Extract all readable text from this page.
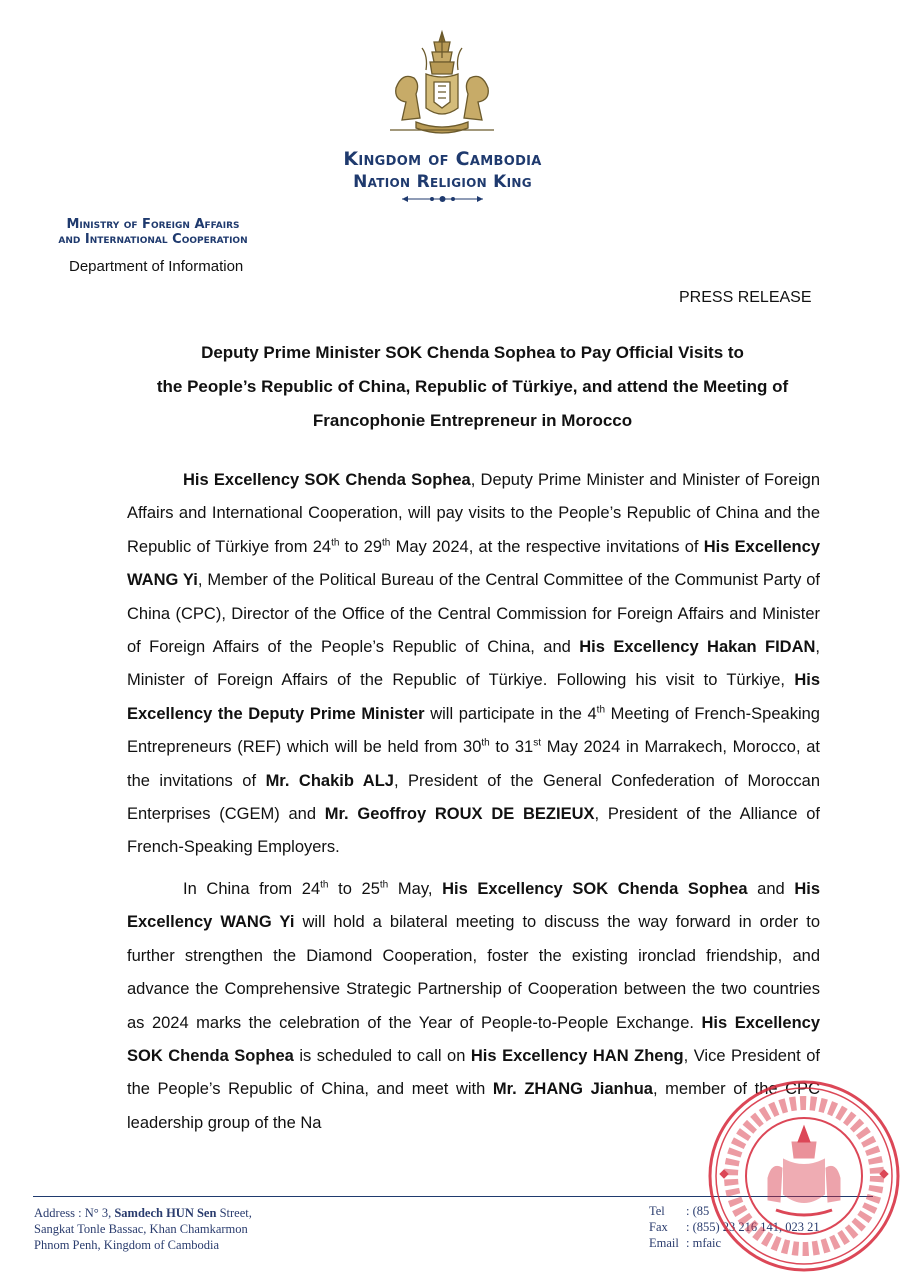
Kingdom of Cambodia
Nation Religion King
Ministry of Foreign Affairs
and International Cooperation
Department of Information
PRESS RELEASE
Deputy Prime Minister SOK Chenda Sophea to Pay Official Visits to
the People’s Republic of China, Republic of Türkiye, and attend the Meeting of
Francophonie Entrepreneur in Morocco

His Excellency SOK Chenda Sophea, Deputy Prime Minister and Minister of Foreign Affairs and International Cooperation, will pay visits to the People’s Republic of China and the Republic of Türkiye from 24th to 29th May 2024, at the respective invitations of His Excellency WANG Yi, Member of the Political Bureau of the Central Committee of the Communist Party of China (CPC), Director of the Office of the Central Commission for Foreign Affairs and Minister of Foreign Affairs of the People’s Republic of China, and His Excellency Hakan FIDAN, Minister of Foreign Affairs of the Republic of Türkiye. Following his visit to Türkiye, His Excellency the Deputy Prime Minister will participate in the 4th Meeting of French-Speaking Entrepreneurs (REF) which will be held from 30th to 31st May 2024 in Marrakech, Morocco, at the invitations of Mr. Chakib ALJ, President of the General Confederation of Moroccan Enterprises (CGEM) and Mr. Geoffroy ROUX DE BEZIEUX, President of the Alliance of French-Speaking Employers.

In China from 24th to 25th May, His Excellency SOK Chenda Sophea and His Excellency WANG Yi will hold a bilateral meeting to discuss the way forward in order to further strengthen the Diamond Cooperation, foster the existing ironclad friendship, and advance the Comprehensive Strategic Partnership of Cooperation between the two countries as 2024 marks the celebration of the Year of People-to-People Exchange. His Excellency SOK Chenda Sophea is scheduled to call on His Excellency HAN Zheng, Vice President of the People’s Republic of China, and meet with Mr. ZHANG Jianhua, member of the CPC leadership group of the Na

Address : N° 3, Samdech HUN Sen Street,
Sangkat Tonle Bassac, Khan Chamkarmon
Phnom Penh, Kingdom of Cambodia
Tel : (85
Fax : (855) 23 216 141, 023 21
Email : mfaic
